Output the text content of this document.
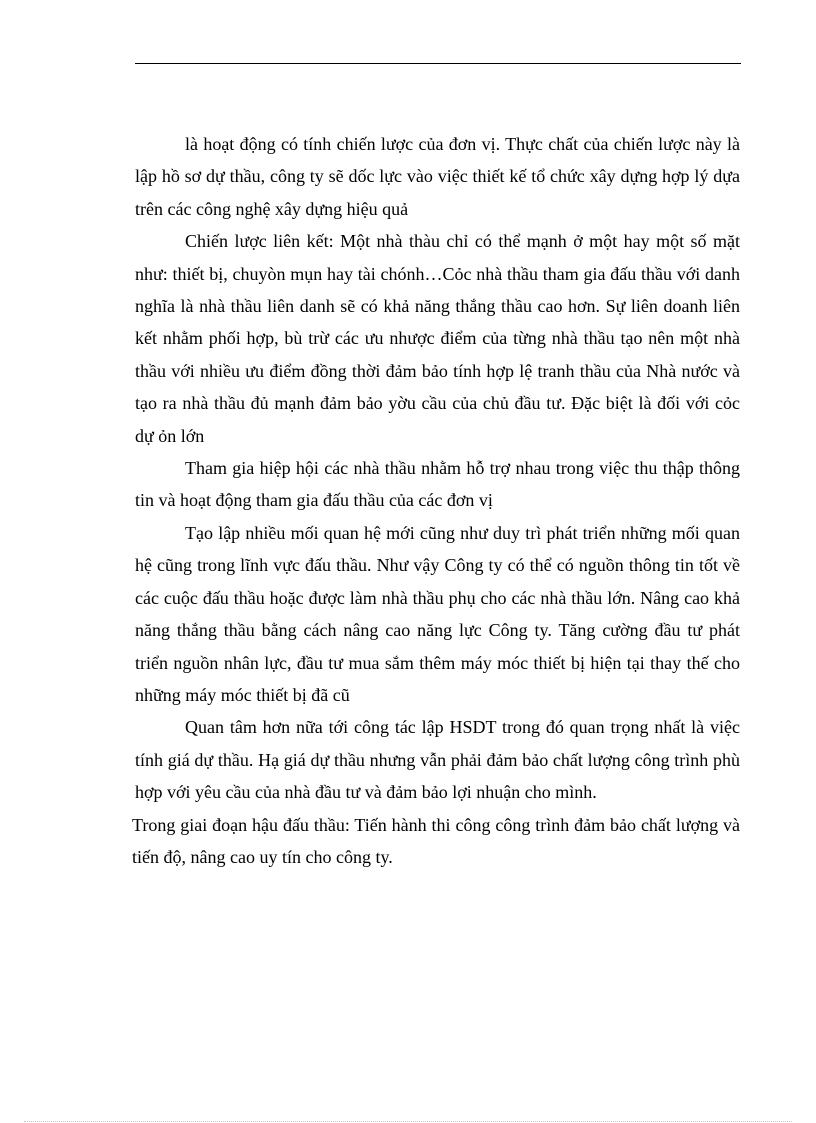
là hoạt động có tính chiến lược của đơn vị. Thực chất của chiến lược này là lập hồ sơ dự thầu, công ty sẽ dốc lực vào việc thiết kế tổ chức xây dựng hợp lý dựa trên các công nghệ xây dựng hiệu quả

Chiến lược liên kết: Một nhà thàu chỉ có thể mạnh ở một hay một số mặt như: thiết bị, chuyòn mụn hay tài chónh…Cỏc nhà thầu tham gia đấu thầu với danh nghĩa là nhà thầu liên danh sẽ có khả năng thắng thầu cao hơn. Sự liên doanh liên kết nhằm phối hợp, bù trừ các ưu nhược điểm của từng nhà thầu tạo nên một nhà thầu với nhiều ưu điểm đồng thời đảm bảo tính hợp lệ tranh thầu của Nhà nước và tạo ra nhà thầu đủ mạnh đảm bảo yờu cầu của chủ đầu tư. Đặc biệt là đối với cỏc dự ỏn lớn

Tham gia hiệp hội các nhà thầu nhằm hỗ trợ nhau trong việc thu thập thông tin và hoạt động tham gia đấu thầu của các đơn vị

Tạo lập nhiều mối quan hệ mới cũng như duy trì phát triển những mối quan hệ cũng trong lĩnh vực đấu thầu. Như vậy Công ty có thể có nguồn thông tin tốt về các cuộc đấu thầu hoặc được làm nhà thầu phụ cho các nhà thầu lớn. Nâng cao khả năng thắng thầu bằng cách nâng cao năng lực Công ty. Tăng cường đầu tư phát triển nguồn nhân lực, đầu tư mua sắm thêm máy móc thiết bị hiện tại thay thế cho những máy móc thiết bị đã cũ

Quan tâm hơn nữa tới công tác lập HSDT trong đó quan trọng nhất là việc tính giá dự thầu. Hạ giá dự thầu nhưng vẫn phải đảm bảo chất lượng công trình phù hợp với yêu cầu của nhà đầu tư và đảm bảo lợi nhuận cho mình.

Trong giai đoạn hậu đấu thầu: Tiến hành thi công công trình đảm bảo chất lượng và tiến độ, nâng cao uy tín cho công ty.
